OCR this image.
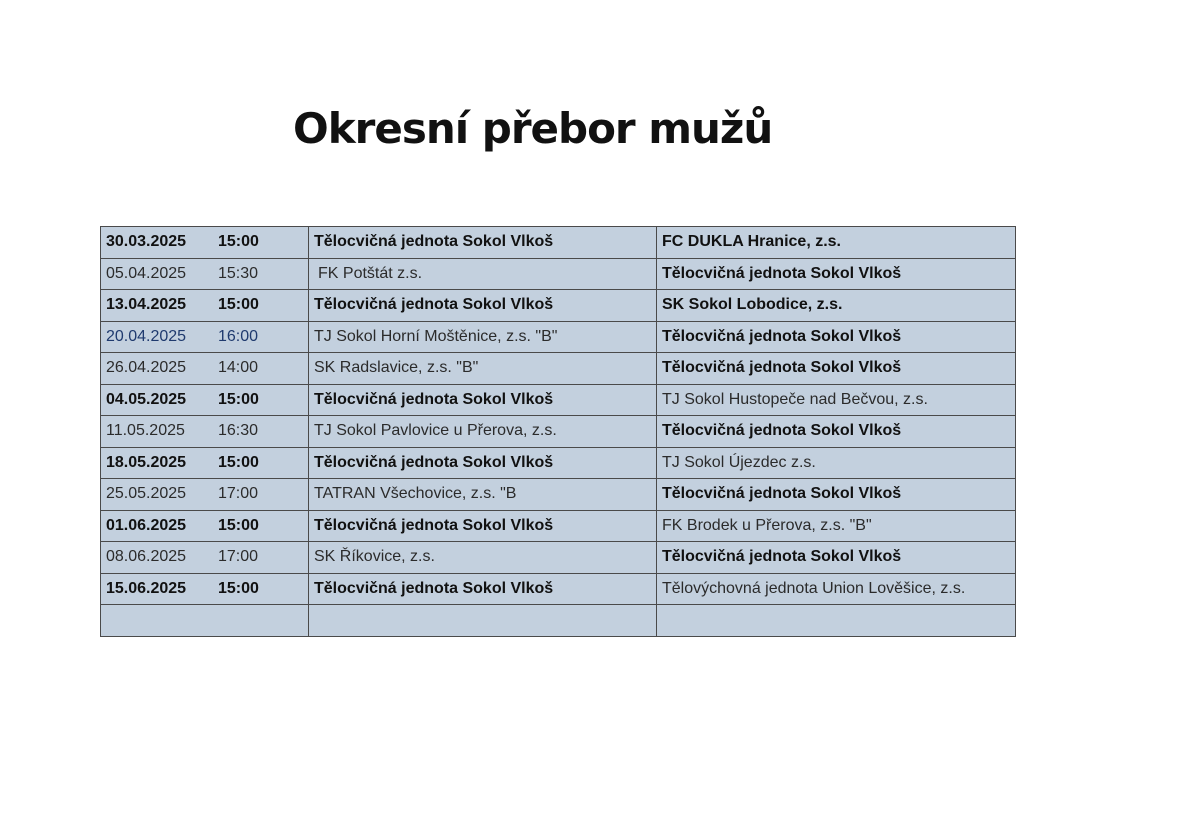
Okresní přebor mužů
30.03.2025 15:00	Tělocvičná jednota Sokol Vlkoš	FC DUKLA Hranice, z.s.
05.04.2025 15:30	FK Potštát z.s.	Tělocvičná jednota Sokol Vlkoš
13.04.2025 15:00	Tělocvičná jednota Sokol Vlkoš	SK Sokol Lobodice, z.s.
20.04.2025 16:00	TJ Sokol Horní Moštěnice, z.s. "B"	Tělocvičná jednota Sokol Vlkoš
26.04.2025 14:00	SK Radslavice, z.s. "B"	Tělocvičná jednota Sokol Vlkoš
04.05.2025 15:00	Tělocvičná jednota Sokol Vlkoš	TJ Sokol Hustopeče nad Bečvou, z.s.
11.05.2025 16:30	TJ Sokol Pavlovice u Přerova, z.s.	Tělocvičná jednota Sokol Vlkoš
18.05.2025 15:00	Tělocvičná jednota Sokol Vlkoš	TJ Sokol Újezdec z.s.
25.05.2025 17:00	TATRAN Všechovice, z.s. "B	Tělocvičná jednota Sokol Vlkoš
01.06.2025 15:00	Tělocvičná jednota Sokol Vlkoš	FK Brodek u Přerova, z.s. "B"
08.06.2025 17:00	SK Říkovice, z.s.	Tělocvičná jednota Sokol Vlkoš
15.06.2025 15:00	Tělocvičná jednota Sokol Vlkoš	Tělovýchovná jednota Union Lověšice, z.s.
